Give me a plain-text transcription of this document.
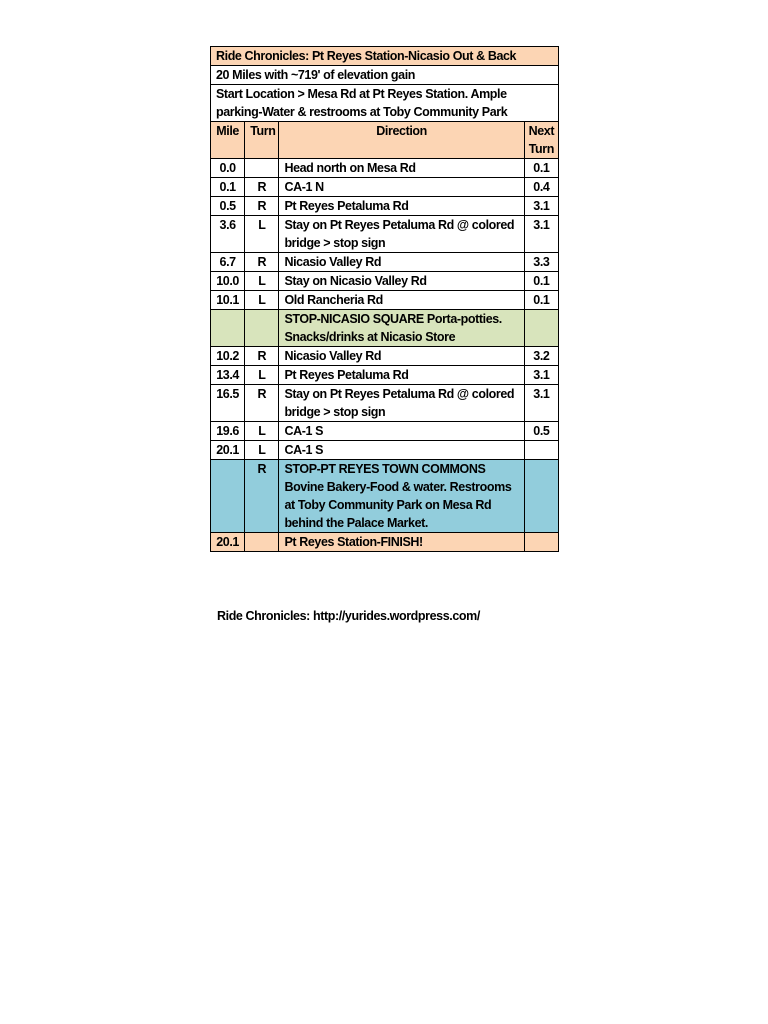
Ride Chronicles: Pt Reyes Station-Nicasio Out & Back			
20 Miles with ~719' of elevation gain			
Start Location > Mesa Rd at Pt Reyes Station. Ample parking-Water & restrooms at Toby Community Park			
Mile	Turn	Direction	Next Turn
0.0		Head north on Mesa Rd	0.1
0.1	R	CA-1 N	0.4
0.5	R	Pt Reyes Petaluma Rd	3.1
3.6	L	Stay on Pt Reyes Petaluma Rd @ colored bridge > stop sign	3.1
6.7	R	Nicasio Valley Rd	3.3
10.0	L	Stay on Nicasio Valley Rd	0.1
10.1	L	Old Rancheria Rd	0.1
		STOP-NICASIO SQUARE Porta-potties. Snacks/drinks at Nicasio Store	
10.2	R	Nicasio Valley Rd	3.2
13.4	L	Pt Reyes Petaluma Rd	3.1
16.5	R	Stay on Pt Reyes Petaluma Rd @ colored bridge > stop sign	3.1
19.6	L	CA-1 S	0.5
20.1	L	CA-1 S	
	R	STOP-PT REYES TOWN COMMONS Bovine Bakery-Food & water. Restrooms at Toby Community Park on Mesa Rd behind the Palace Market.	
20.1		Pt Reyes Station-FINISH!	
Ride Chronicles: http://yurides.wordpress.com/
